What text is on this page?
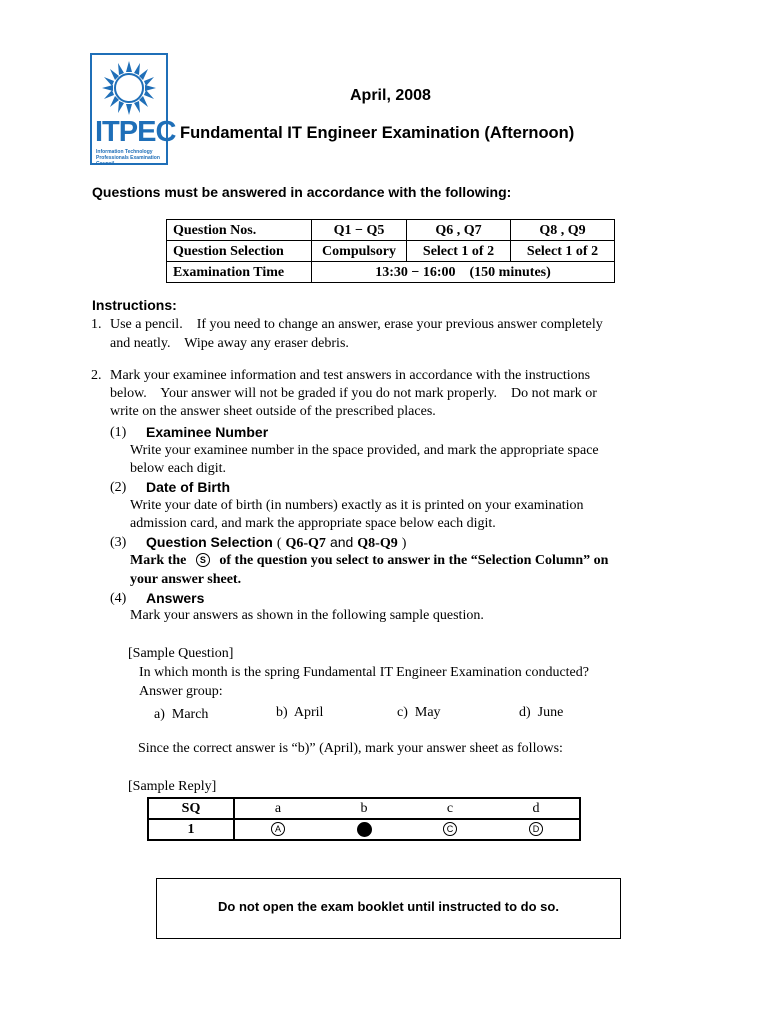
ITPEC
Information Technology Professionals Examination Council
April, 2008
Fundamental IT Engineer Examination (Afternoon)
Questions must be answered in accordance with the following:
Question Nos.	Q1 − Q5	Q6 , Q7	Q8 , Q9
Question Selection	Compulsory	Select 1 of 2	Select 1 of 2
Examination Time	13:30 − 16:00    (150 minutes)		
Instructions:
1. Use a pencil.    If you need to change an answer, erase your previous answer completely
and neatly.    Wipe away any eraser debris.
2. Mark your examinee information and test answers in accordance with the instructions
below.    Your answer will not be graded if you do not mark properly.    Do not mark or
write on the answer sheet outside of the prescribed places.
(1) Examinee Number
Write your examinee number in the space provided, and mark the appropriate space
below each digit.
(2) Date of Birth
Write your date of birth (in numbers) exactly as it is printed on your examination
admission card, and mark the appropriate space below each digit.
(3) Question Selection ( Q6-Q7 and Q8-Q9 )
Mark the S of the question you select to answer in the “Selection Column” on
your answer sheet.
(4) Answers
Mark your answers as shown in the following sample question.
[Sample Question]
In which month is the spring Fundamental IT Engineer Examination conducted?
Answer group:
a)  March	b)  April	c)  May	d)  June
Since the correct answer is “b)” (April), mark your answer sheet as follows:
[Sample Reply]
SQ	a	b	c	d
1	A		C	D
Do not open the exam booklet until instructed to do so.
